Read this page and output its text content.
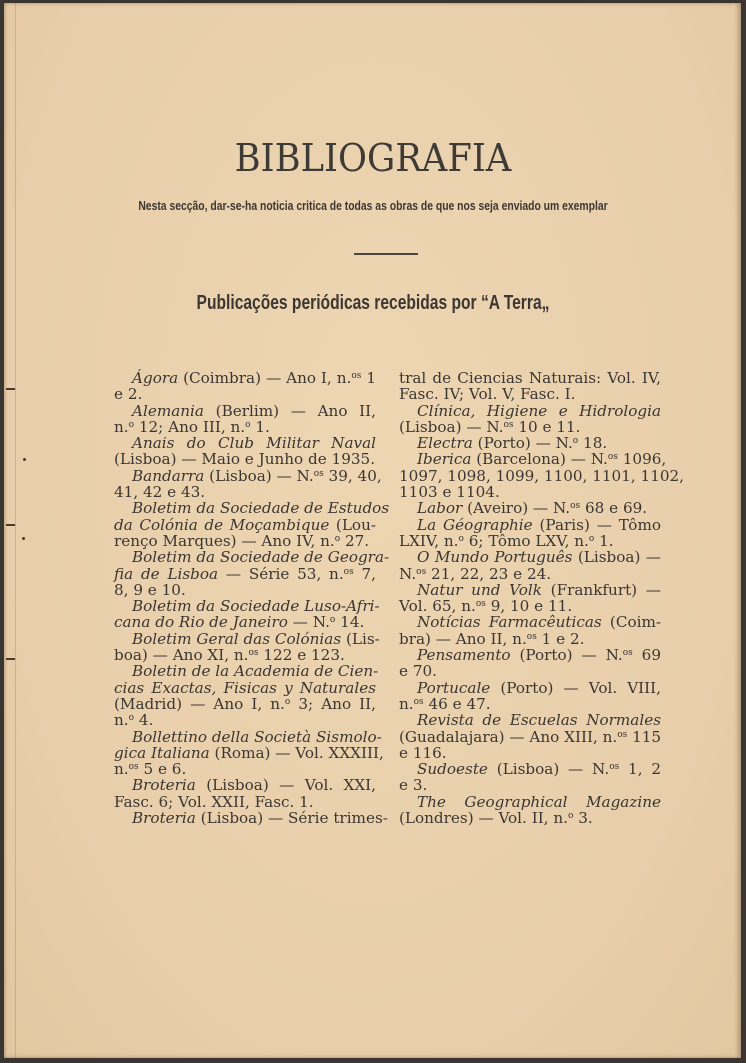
BIBLIOGRAFIA
Nesta secção, dar-se-ha noticia critica de todas as obras de que nos seja enviado um exemplar
Publicações periódicas recebidas por “A Terra„
Ágora (Coimbra) — Ano I, n.$^{os}$ 1
e 2.
Alemania (Berlim) — Ano II,
n.$^o$ 12; Ano III, n.$^o$ 1.
Anais do Club Militar Naval
(Lisboa) — Maio e Junho de 1935.
Bandarra (Lisboa) — N.$^{os}$ 39, 40,
41, 42 e 43.
Boletim da Sociedade de Estudos
da Colónia de Moçambique (Lou-
renço Marques) — Ano IV, n.$^o$ 27.
Boletim da Sociedade de Geogra-
fia de Lisboa — Série 53, n.$^{os}$ 7,
8, 9 e 10.
Boletim da Sociedade Luso-Afri-
cana do Rio de Janeiro — N.$^o$ 14.
Boletim Geral das Colónias (Lis-
boa) — Ano XI, n.$^{os}$ 122 e 123.
Boletin de la Academia de Cien-
cias Exactas, Fisicas y Naturales
(Madrid) — Ano I, n.$^o$ 3; Ano II,
n.$^o$ 4.
Bollettino della Società Sismolo-
gica Italiana (Roma) — Vol. XXXIII,
n.$^{os}$ 5 e 6.
Broteria (Lisboa) — Vol. XXI,
Fasc. 6; Vol. XXII, Fasc. 1.
Broteria (Lisboa) — Série trimes-
tral de Ciencias Naturais: Vol. IV,
Fasc. IV; Vol. V, Fasc. I.
Clínica, Higiene e Hidrologia
(Lisboa) — N.$^{os}$ 10 e 11.
Electra (Porto) — N.$^o$ 18.
Iberica (Barcelona) — N.$^{os}$ 1096,
1097, 1098, 1099, 1100, 1101, 1102,
1103 e 1104.
Labor (Aveiro) — N.$^{os}$ 68 e 69.
La Géographie (Paris) — Tômo
LXIV, n.$^o$ 6; Tômo LXV, n.$^o$ 1.
O Mundo Português (Lisboa) —
N.$^{os}$ 21, 22, 23 e 24.
Natur und Volk (Frankfurt) —
Vol. 65, n.$^{os}$ 9, 10 e 11.
Notícias Farmacêuticas (Coim-
bra) — Ano II, n.$^{os}$ 1 e 2.
Pensamento (Porto) — N.$^{os}$ 69
e 70.
Portucale (Porto) — Vol. VIII,
n.$^{os}$ 46 e 47.
Revista de Escuelas Normales
(Guadalajara) — Ano XIII, n.$^{os}$ 115
e 116.
Sudoeste (Lisboa) — N.$^{os}$ 1, 2
e 3.
The Geographical Magazine
(Londres) — Vol. II, n.$^o$ 3.
